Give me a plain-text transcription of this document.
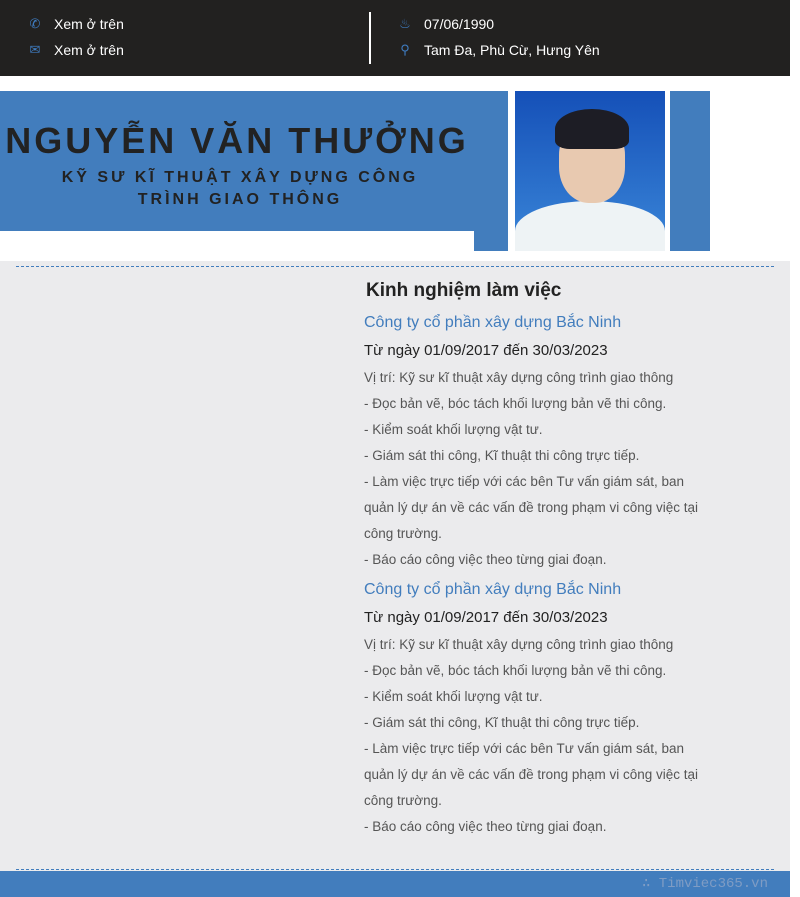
✆ Xem ở trên
✉ Xem ở trên
♨ 07/06/1990
⚲ Tam Đa, Phù Cừ, Hưng Yên
NGUYỄN VĂN THƯỞNG
KỸ SƯ KĨ THUẬT XÂY DỰNG CÔNG TRÌNH GIAO THÔNG
Kinh nghiệm làm việc
Công ty cổ phần xây dựng Bắc Ninh
Từ ngày 01/09/2017 đến 30/03/2023
Vị trí: Kỹ sư kĩ thuật xây dựng công trình giao thông
- Đọc bản vẽ, bóc tách khối lượng bản vẽ thi công.
- Kiểm soát khối lượng vật tư.
- Giám sát thi công, Kĩ thuật thi công trực tiếp.
- Làm việc trực tiếp với các bên Tư vấn giám sát, ban quản lý dự án về các vấn đề trong phạm vi công việc tại công trường.
- Báo cáo công việc theo từng giai đoạn.
Công ty cổ phần xây dựng Bắc Ninh
Từ ngày 01/09/2017 đến 30/03/2023
Vị trí: Kỹ sư kĩ thuật xây dựng công trình giao thông
- Đọc bản vẽ, bóc tách khối lượng bản vẽ thi công.
- Kiểm soát khối lượng vật tư.
- Giám sát thi công, Kĩ thuật thi công trực tiếp.
- Làm việc trực tiếp với các bên Tư vấn giám sát, ban quản lý dự án về các vấn đề trong phạm vi công việc tại công trường.
- Báo cáo công việc theo từng giai đoạn.
∴ Timviec365.vn
